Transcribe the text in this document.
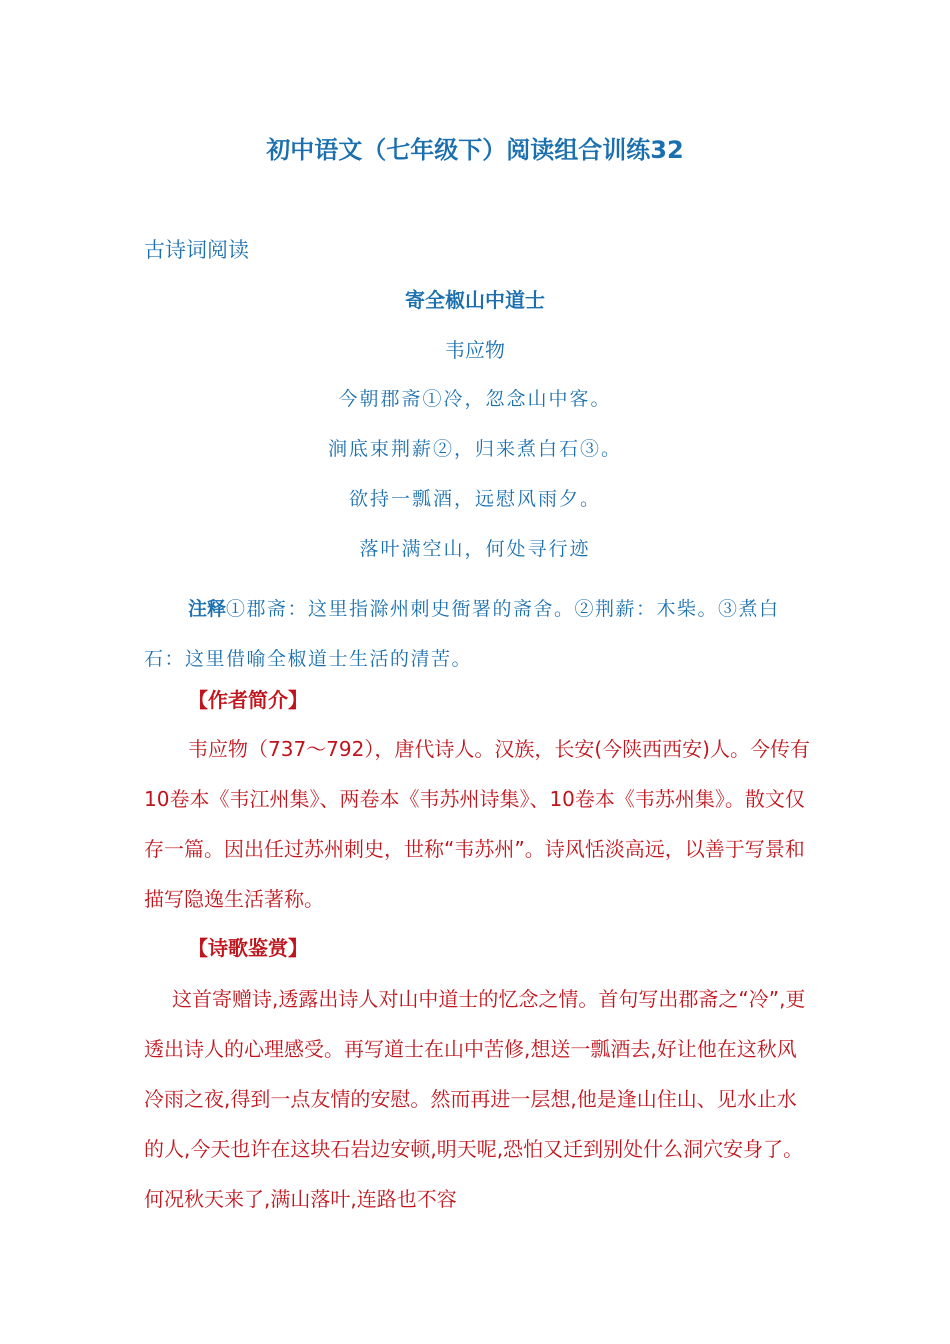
初中语文（七年级下）阅读组合训练32
古诗词阅读
寄全椒山中道士
韦应物
今朝郡斋①冷，忽念山中客。
涧底束荆薪②，归来煮白石③。
欲持一瓢酒，远慰风雨夕。
落叶满空山，何处寻行迹
注释①郡斋：这里指滁州刺史衙署的斋舍。②荆薪：木柴。③煮白石：这里借喻全椒道士生活的清苦。
【作者简介】
韦应物（737～792），唐代诗人。汉族，长安(今陕西西安)人。今传有10卷本《韦江州集》、两卷本《韦苏州诗集》、10卷本《韦苏州集》。散文仅存一篇。因出任过苏州刺史，世称“韦苏州”。诗风恬淡高远，以善于写景和描写隐逸生活著称。
【诗歌鉴赏】
这首寄赠诗,透露出诗人对山中道士的忆念之情。首句写出郡斋之“冷”,更透出诗人的心理感受。再写道士在山中苦修,想送一瓢酒去,好让他在这秋风冷雨之夜,得到一点友情的安慰。然而再进一层想,他是逢山住山、见水止水的人,今天也许在这块石岩边安顿,明天呢,恐怕又迁到别处什么洞穴安身了。何况秋天来了,满山落叶,连路也不容
